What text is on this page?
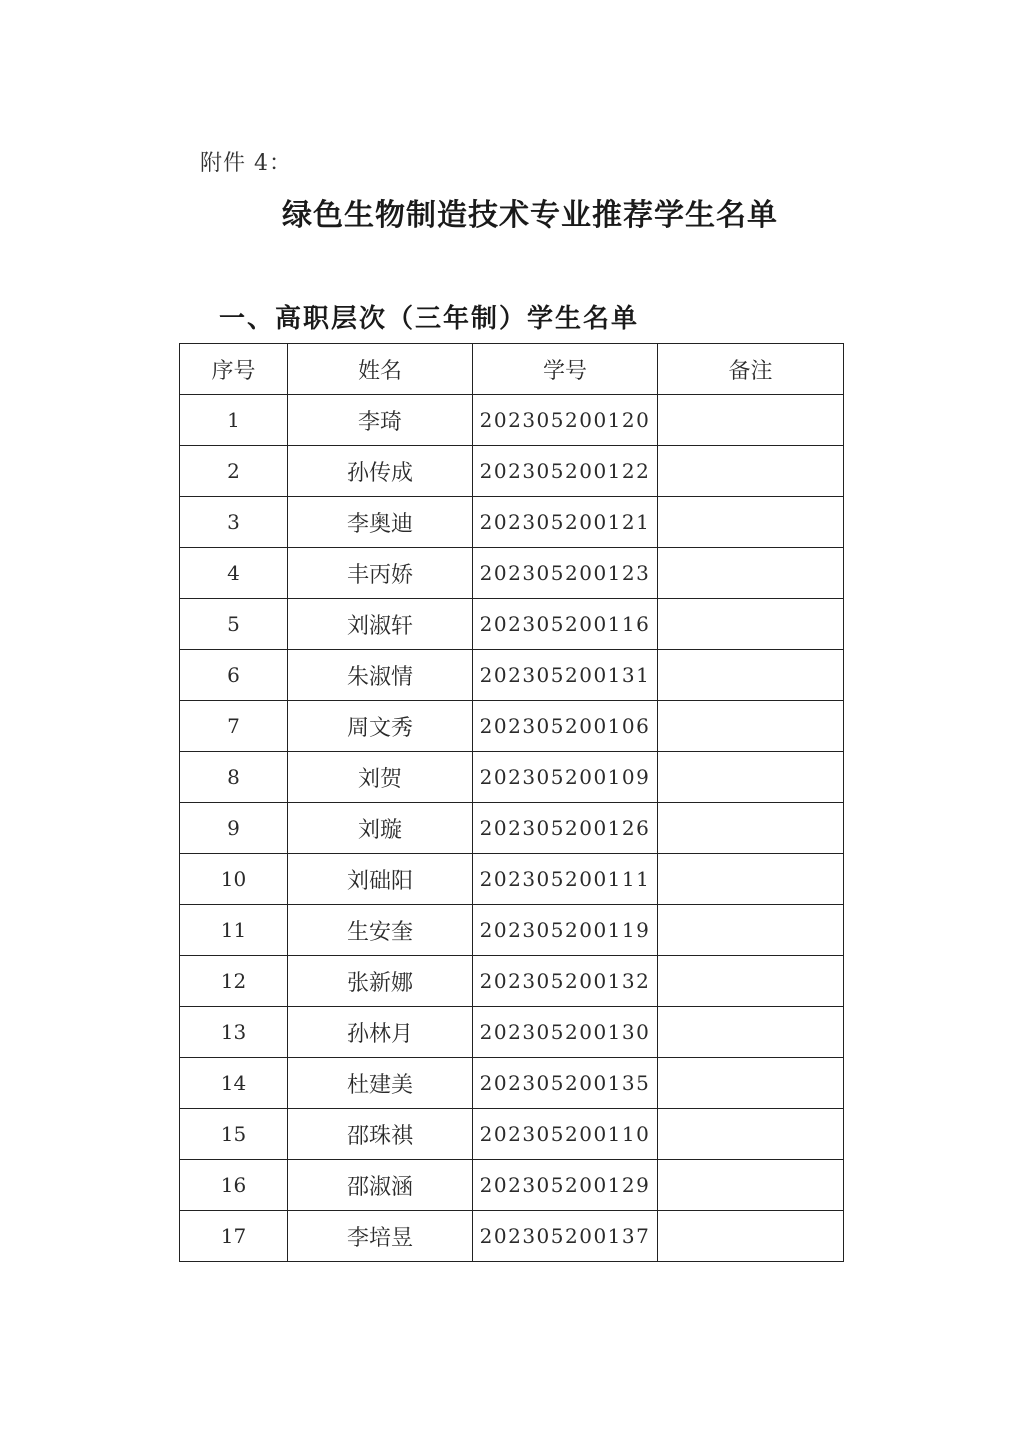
附件 4：
绿色生物制造技术专业推荐学生名单
一、高职层次（三年制）学生名单
序号	姓名	学号	备注
1	李琦	202305200120	
2	孙传成	202305200122	
3	李奥迪	202305200121	
4	丰丙娇	202305200123	
5	刘淑轩	202305200116	
6	朱淑情	202305200131	
7	周文秀	202305200106	
8	刘贺	202305200109	
9	刘璇	202305200126	
10	刘础阳	202305200111	
11	生安奎	202305200119	
12	张新娜	202305200132	
13	孙林月	202305200130	
14	杜建美	202305200135	
15	邵珠祺	202305200110	
16	邵淑涵	202305200129	
17	李培昱	202305200137	
